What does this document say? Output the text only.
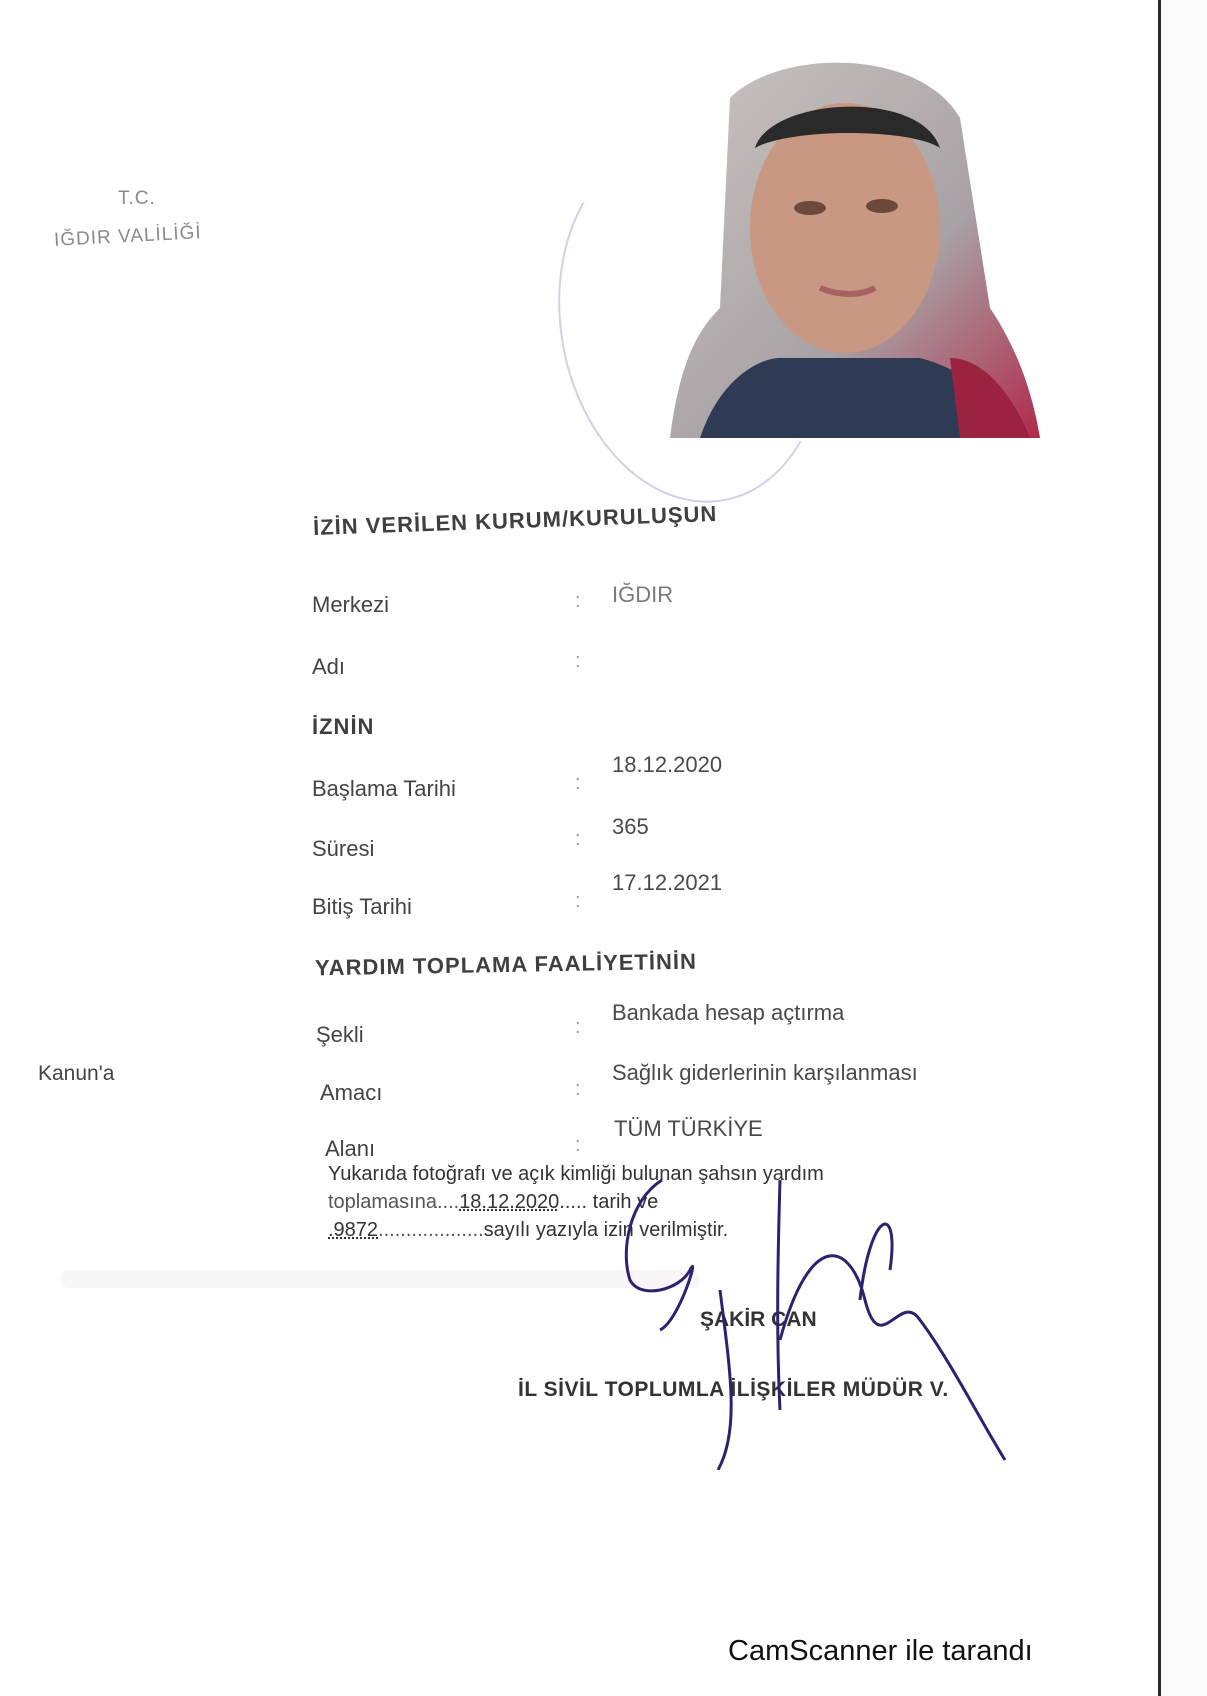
T.C.
IĞDIR VALİLİĞİ
İZİN VERİLEN KURUM/KURULUŞUN
Merkezi	: IĞDIR
Adı	:
İZNİN
Başlama Tarihi	:
18.12.2020
Süresi	: 365
Bitiş Tarihi	:
17.12.2021
YARDIM TOPLAMA FAALİYETİNİN
Şekli	:
Bankada hesap açtırma
Amacı	:
Sağlık giderlerinin karşılanması
Alanı	:
TÜM TÜRKİYE
Kanun'a
Yukarıda fotoğrafı ve açık kimliği bulunan şahsın yardım
toplamasına....18.12.2020..... tarih ve
.9872...................sayılı yazıyla izin verilmiştir.
ŞAKİR CAN
İL SİVİL TOPLUMLA İLİŞKİLER MÜDÜR V.
CamScanner ile tarandı
